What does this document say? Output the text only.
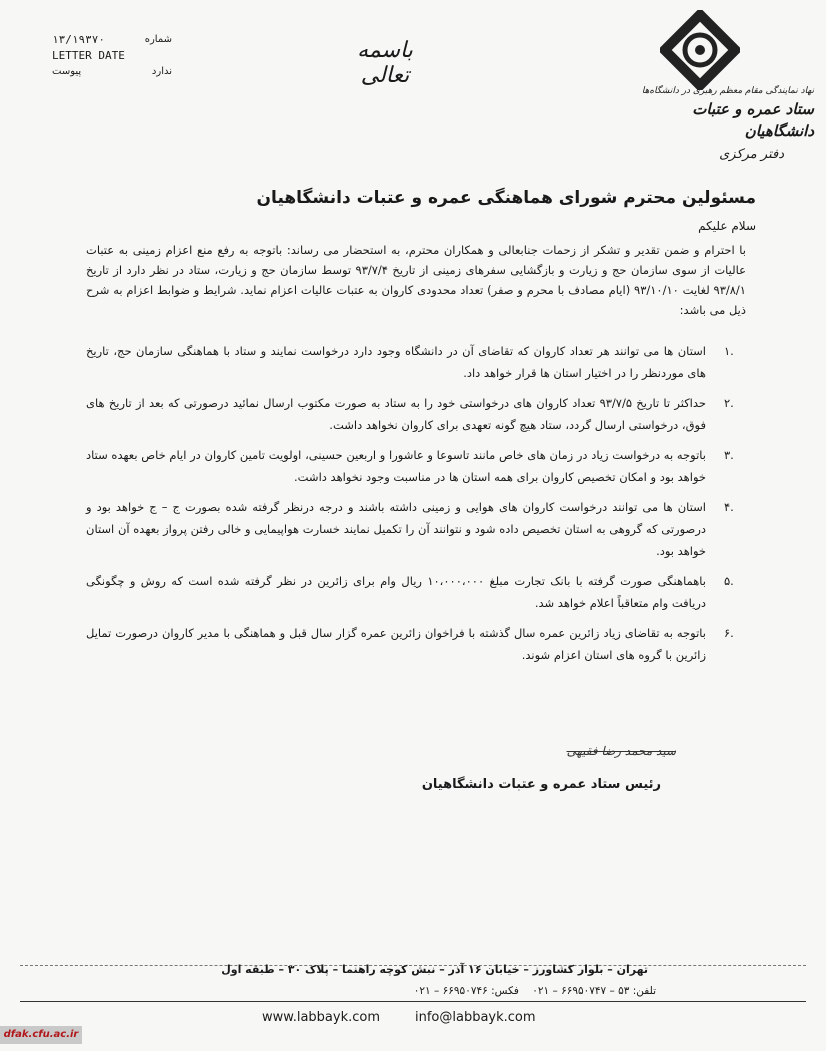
۱۳/۱۹۳۷۰	شماره
LETTER DATE
پیوست	ندارد
باسمه تعالی
نهاد نمایندگی مقام معظم رهبری در دانشگاه‌ها
ستاد عمره و عتبات دانشگاهیان
دفتر مرکزی
مسئولین محترم شورای هماهنگی عمره و عتبات دانشگاهیان
سلام علیکم
با احترام و ضمن تقدیر و تشکر از زحمات جنابعالی و همکاران محترم، به استحضار می رساند: باتوجه به رفع منع اعزام زمینی به عتبات عالیات از سوی سازمان حج و زیارت و بازگشایی سفرهای زمینی از تاریخ ۹۳/۷/۴ توسط سازمان حج و زیارت، ستاد در نظر دارد از تاریخ ۹۳/۸/۱ لغایت ۹۳/۱۰/۱۰ (ایام مصادف با محرم و صفر) تعداد محدودی کاروان به عتبات عالیات اعزام نماید. شرایط و ضوابط اعزام به شرح ذیل می باشد:
۱.
استان ها می توانند هر تعداد کاروان که تقاضای آن در دانشگاه وجود دارد درخواست نمایند و ستاد با هماهنگی سازمان حج، تاریخ های موردنظر را در اختیار استان ها قرار خواهد داد.
۲.
حداکثر تا تاریخ ۹۳/۷/۵ تعداد کاروان های درخواستی خود را به ستاد به صورت مکتوب ارسال نمائید درصورتی که بعد از تاریخ های فوق، درخواستی ارسال گردد، ستاد هیچ گونه تعهدی برای کاروان نخواهد داشت.
۳.
باتوجه به درخواست زیاد در زمان های خاص مانند تاسوعا و عاشورا و اربعین حسینی، اولویت تامین کاروان در ایام خاص بعهده ستاد خواهد بود و امکان تخصیص کاروان برای همه استان ها در مناسبت وجود نخواهد داشت.
۴.
استان ها می توانند درخواست کاروان های هوایی و زمینی داشته باشند و درجه درنظر گرفته شده بصورت ج – ج خواهد بود و درصورتی که گروهی به استان تخصیص داده شود و نتوانند آن را تکمیل نمایند خسارت هواپیمایی و خالی رفتن پرواز بعهده آن استان خواهد بود.
۵.
باهماهنگی صورت گرفته با بانک تجارت مبلغ ۱۰،۰۰۰،۰۰۰ ریال وام برای زائرین در نظر گرفته شده است که روش و چگونگی دریافت وام متعاقباً اعلام خواهد شد.
۶.
باتوجه به تقاضای زیاد زائرین عمره سال گذشته با فراخوان زائرین عمره گزار سال قبل و هماهنگی با مدیر کاروان درصورت تمایل زائرین با گروه های استان اعزام شوند.
سید محمد رضا فقیهی
رئیس ستاد عمره و عتبات دانشگاهیان
تهران – بلوار کشاورز – خیابان ۱۶ آذر – نبش کوچه راهنما – پلاک ۳۰ – طبقه اول
تلفن: ۵۳ – ۶۶۹۵۰۷۴۷ – ۰۲۱    فکس: ۶۶۹۵۰۷۴۶ – ۰۲۱
www.labbayk.com	info@labbayk.com
dfak.cfu.ac.ir
